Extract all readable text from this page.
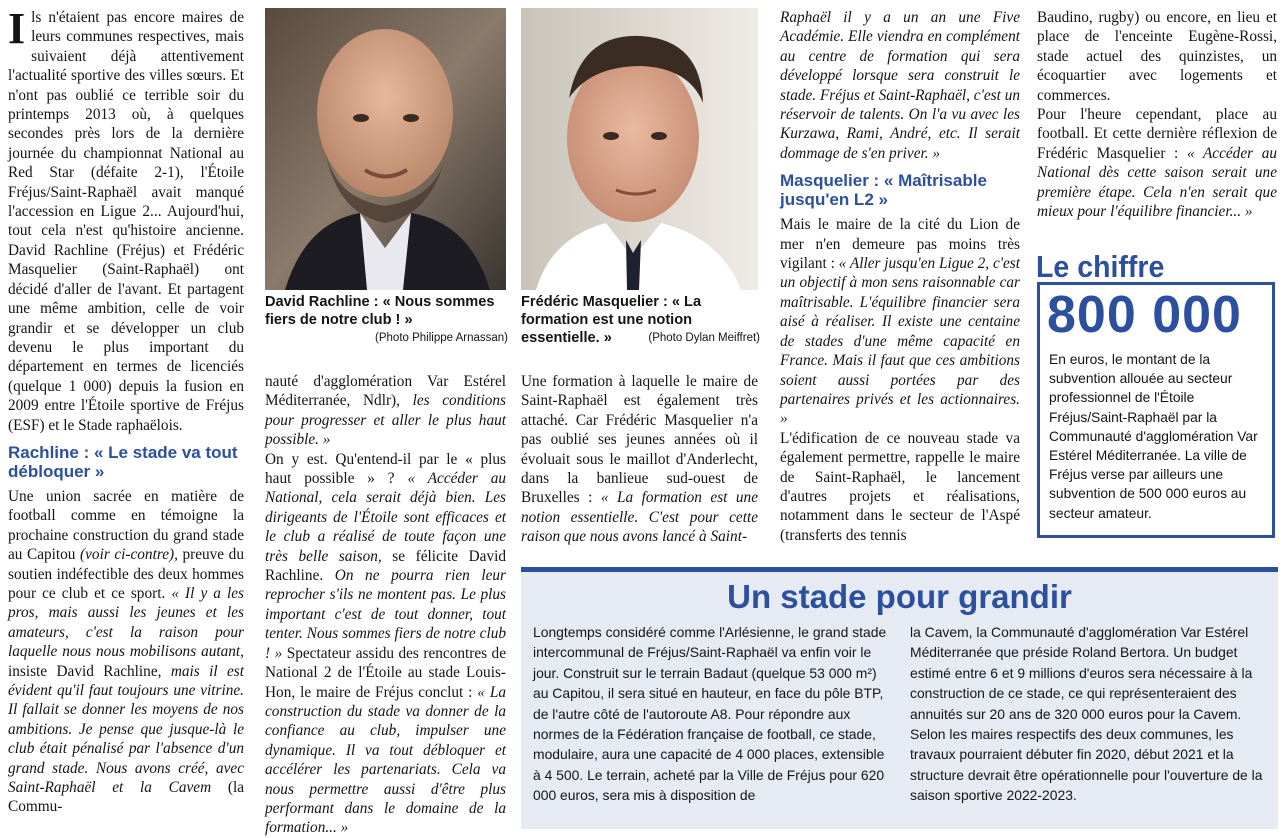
Ils n'étaient pas encore maires de leurs communes respectives, mais suivaient déjà attentivement l'actualité sportive des villes sœurs. Et n'ont pas oublié ce terrible soir du printemps 2013 où, à quelques secondes près lors de la dernière journée du championnat National au Red Star (défaite 2-1), l'Étoile Fréjus/Saint-Raphaël avait manqué l'accession en Ligue 2... Aujourd'hui, tout cela n'est qu'histoire ancienne. David Rachline (Fréjus) et Frédéric Masquelier (Saint-Raphaël) ont décidé d'aller de l'avant. Et partagent une même ambition, celle de voir grandir et se développer un club devenu le plus important du département en termes de licenciés (quelque 1 000) depuis la fusion en 2009 entre l'Étoile sportive de Fréjus (ESF) et le Stade raphaëlois.

Rachline : « Le stade va tout débloquer »

Une union sacrée en matière de football comme en témoigne la prochaine construction du grand stade au Capitou (voir ci-contre), preuve du soutien indéfectible des deux hommes pour ce club et ce sport. « Il y a les pros, mais aussi les jeunes et les amateurs, c'est la raison pour laquelle nous nous mobilisons autant, insiste David Rachline, mais il est évident qu'il faut toujours une vitrine. Il fallait se donner les moyens de nos ambitions. Je pense que jusque-là le club était pénalisé par l'absence d'un grand stade. Nous avons créé, avec Saint-Raphaël et la Cavem (la Commu-

David Rachline : « Nous sommes fiers de notre club ! »
(Photo Philippe Arnassan)
Frédéric Masquelier : « La formation est une notion essentielle. »	(Photo Dylan Meiffret)

nauté d'agglomération Var Estérel Méditerranée, Ndlr), les conditions pour progresser et aller le plus haut possible. »

On y est. Qu'entend-il par le « plus haut possible » ? « Accéder au National, cela serait déjà bien. Les dirigeants de l'Étoile sont efficaces et le club a réalisé de toute façon une très belle saison, se félicite David Rachline. On ne pourra rien leur reprocher s'ils ne montent pas. Le plus important c'est de tout donner, tout tenter. Nous sommes fiers de notre club ! » Spectateur assidu des rencontres de National 2 de l'Étoile au stade Louis-Hon, le maire de Fréjus conclut : « La construction du stade va donner de la confiance au club, impulser une dynamique. Il va tout débloquer et accélérer les partenariats. Cela va nous permettre aussi d'être plus performant dans le domaine de la formation... »

Une formation à laquelle le maire de Saint-Raphaël est également très attaché. Car Frédéric Masquelier n'a pas oublié ses jeunes années où il évoluait sous le maillot d'Anderlecht, dans la banlieue sud-ouest de Bruxelles : « La formation est une notion essentielle. C'est pour cette raison que nous avons lancé à Saint-

Raphaël il y a un an une Five Académie. Elle viendra en complément au centre de formation qui sera développé lorsque sera construit le stade. Fréjus et Saint-Raphaël, c'est un réservoir de talents. On l'a vu avec les Kurzawa, Rami, André, etc. Il serait dommage de s'en priver. »

Masquelier : « Maîtrisable jusqu'en L2 »

Mais le maire de la cité du Lion de mer n'en demeure pas moins très vigilant : « Aller jusqu'en Ligue 2, c'est un objectif à mon sens raisonnable car maîtrisable. L'équilibre financier sera aisé à réaliser. Il existe une centaine de stades d'une même capacité en France. Mais il faut que ces ambitions soient aussi portées par des partenaires privés et les actionnaires. »

L'édification de ce nouveau stade va également permettre, rappelle le maire de Saint-Raphaël, le lancement d'autres projets et réalisations, notamment dans le secteur de l'Aspé (transferts des tennis

Baudino, rugby) ou encore, en lieu et place de l'enceinte Eugène-Rossi, stade actuel des quinzistes, un écoquartier avec logements et commerces.

Pour l'heure cependant, place au football. Et cette dernière réflexion de Frédéric Masquelier : « Accéder au National dès cette saison serait une première étape. Cela n'en serait que mieux pour l'équilibre financier... »

Le chiffre
800 000
En euros, le montant de la subvention allouée au secteur professionnel de l'Étoile Fréjus/Saint-Raphaël par la Communauté d'agglomération Var Estérel Méditerranée. La ville de Fréjus verse par ailleurs une subvention de 500 000 euros au secteur amateur.
Un stade pour grandir
Longtemps considéré comme l'Arlésienne, le grand stade intercommunal de Fréjus/Saint-Raphaël va enfin voir le jour. Construit sur le terrain Badaut (quelque 53 000 m²) au Capitou, il sera situé en hauteur, en face du pôle BTP, de l'autre côté de l'autoroute A8. Pour répondre aux normes de la Fédération française de football, ce stade, modulaire, aura une capacité de 4 000 places, extensible à 4 500. Le terrain, acheté par la Ville de Fréjus pour 620 000 euros, sera mis à disposition de
la Cavem, la Communauté d'agglomération Var Estérel Méditerranée que préside Roland Bertora. Un budget estimé entre 6 et 9 millions d'euros sera nécessaire à la construction de ce stade, ce qui représenteraient des annuités sur 20 ans de 320 000 euros pour la Cavem.
Selon les maires respectifs des deux communes, les travaux pourraient débuter fin 2020, début 2021 et la structure devrait être opérationnelle pour l'ouverture de la saison sportive 2022-2023.
